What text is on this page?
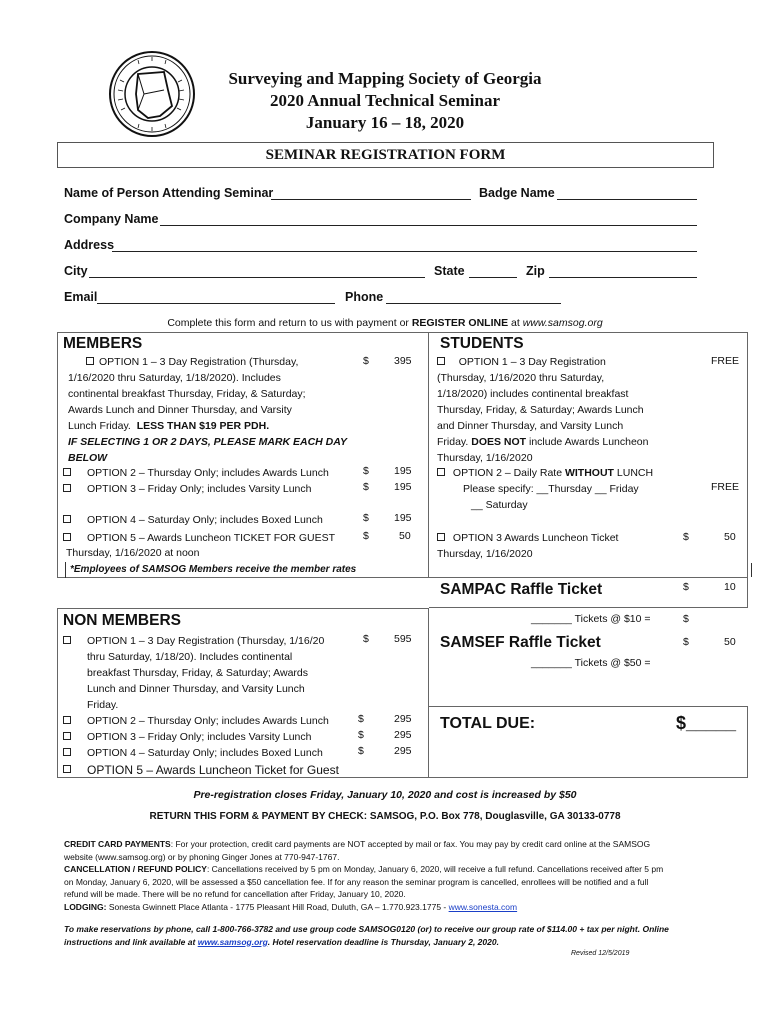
Surveying and Mapping Society of Georgia
2020 Annual Technical Seminar
January 16 – 18, 2020
SEMINAR REGISTRATION FORM
Name of Person Attending Seminar	Badge Name
Company Name
Address
City	State	Zip
Email	Phone
Complete this form and return to us with payment or REGISTER ONLINE at www.samsog.org
MEMBERS
OPTION 1 – 3 Day Registration (Thursday,
1/16/2020 thru Saturday, 1/18/2020). Includes
continental breakfast Thursday, Friday, & Saturday;
Awards Lunch and Dinner Thursday, and Varsity
Lunch Friday. LESS THAN $19 PER PDH.
IF SELECTING 1 OR 2 DAYS, PLEASE MARK EACH DAY
BELOW
$ 395
OPTION 2 – Thursday Only; includes Awards Lunch	$ 195
OPTION 3 – Friday Only; includes Varsity Lunch	$ 195
OPTION 4 – Saturday Only; includes Boxed Lunch	$ 195
OPTION 5 – Awards Luncheon TICKET FOR GUEST
Thursday, 1/16/2020 at noon
$	50
*Employees of SAMSOG Members receive the member rates
STUDENTS
OPTION 1 – 3 Day Registration
(Thursday, 1/16/2020 thru Saturday,
1/18/2020) includes continental breakfast
Thursday, Friday, & Saturday; Awards Lunch
and Dinner Thursday, and Varsity Lunch
Friday. DOES NOT include Awards Luncheon
Thursday, 1/16/2020
FREE
OPTION 2 – Daily Rate WITHOUT LUNCH
Please specify: __Thursday __ Friday
__ Saturday
FREE
OPTION 3 Awards Luncheon Ticket
Thursday, 1/16/2020
$	50
SAMPAC Raffle Ticket	$	10
_______ Tickets @ $10 =	$
NON MEMBERS
OPTION 1 – 3 Day Registration (Thursday, 1/16/20
thru Saturday, 1/18/20). Includes continental
breakfast Thursday, Friday, & Saturday; Awards
Lunch and Dinner Thursday, and Varsity Lunch
Friday.
$ 595
OPTION 2 – Thursday Only; includes Awards Lunch	$	295
OPTION 3 – Friday Only; includes Varsity Lunch	$	295
OPTION 4 – Saturday Only; includes Boxed Lunch	$	295
OPTION 5 – Awards Luncheon Ticket for Guest
SAMSEF Raffle Ticket	$	50
_______ Tickets @ $50 =
TOTAL DUE:	$_____
Pre-registration closes Friday, January 10, 2020 and cost is increased by $50
RETURN THIS FORM & PAYMENT BY CHECK: SAMSOG, P.O. Box 778, Douglasville, GA 30133-0778
CREDIT CARD PAYMENTS: For your protection, credit card payments are NOT accepted by mail or fax. You may pay by credit card online at the SAMSOG
website (www.samsog.org) or by phoning Ginger Jones at 770-947-1767.
CANCELLATION / REFUND POLICY: Cancellations received by 5 pm on Monday, January 6, 2020, will receive a full refund. Cancellations received after 5 pm
on Monday, January 6, 2020, will be assessed a $50 cancellation fee. If for any reason the seminar program is cancelled, enrollees will be notified and a full
refund will be made. There will be no refund for cancellation after Friday, January 10, 2020.
LODGING: Sonesta Gwinnett Place Atlanta - 1775 Pleasant Hill Road, Duluth, GA – 1.770.923.1775 - www.sonesta.com
To make reservations by phone, call 1-800-766-3782 and use group code SAMSOG0120 (or) to receive our group rate of $114.00 + tax per night. Online
instructions and link available at www.samsog.org. Hotel reservation deadline is Thursday, January 2, 2020.
Revised 12/5/2019
